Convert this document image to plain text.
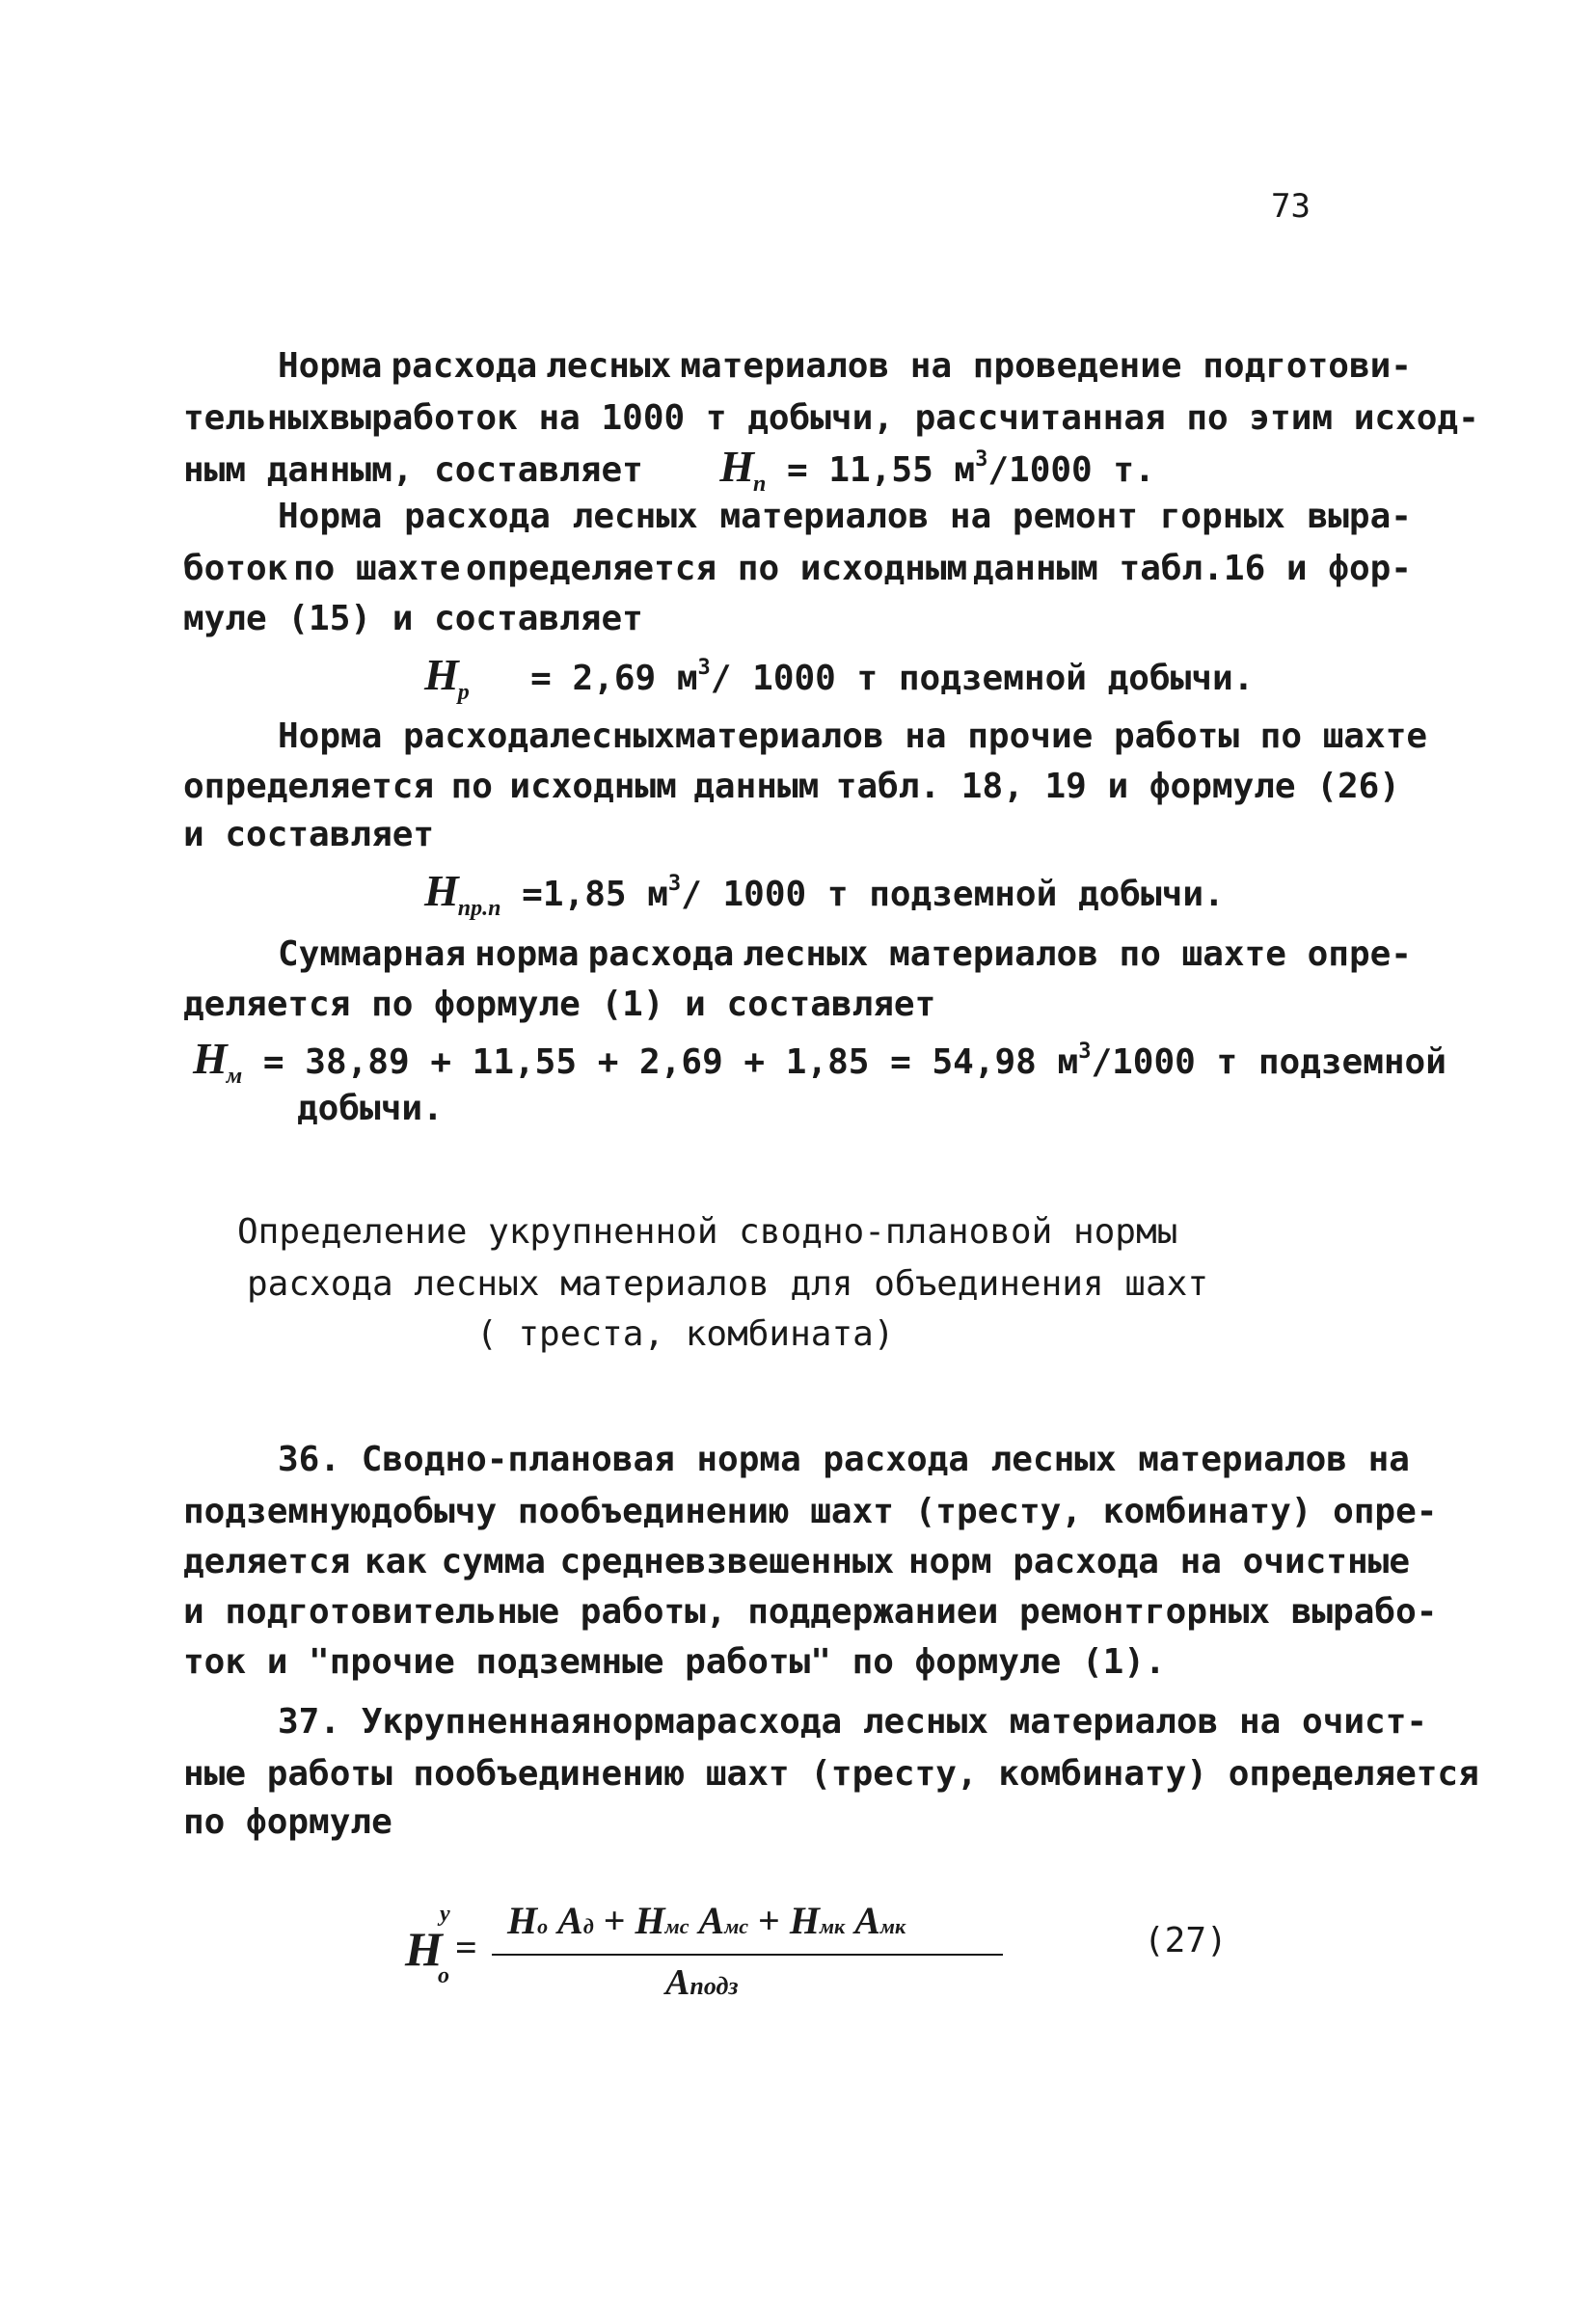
73
Норма расхода лесных материалов на проведение подготови-
тельных выработок на 1000 т добычи, рассчитанная по этим исход-
ным данным, составляет $Н_п = 11,55$ $м^3/1000$ т.
Норма расхода лесных материалов на ремонт горных выра-
боток по шахте определяется по исходным данным табл.16 и фор-
муле (15) и составляет
$Н_р = 2,69$ $м^3/$ 1000 т подземной добычи.
Норма расхода лесных материалов на прочие работы по шахте
определяется по исходным данным табл. 18, 19 и формуле (26)
и составляет
$Н_{пр.п} =1,85$ $м^3/$ 1000 т подземной добычи.
Суммарная норма расхода лесных материалов по шахте опре-
деляется по формуле (1) и составляет
$Н_м = 38,89 + 11,55 + 2,69 + 1,85 = 54,98$ $м^3/1000$ т подземной
добычи.
Определение укрупненной сводно-плановой нормы
расхода лесных материалов для объединения шахт
( треста, комбината)
36. Сводно-плановая норма расхода лесных материалов на
подземную добычу по объединению шахт (тресту, комбинату) опре-
деляется как сумма средневзвешенных норм расхода на очистные
и подготовительные работы, поддержание и ремонт горных вырабо-
ток и "прочие подземные работы" по формуле (1).
37. Укрупненная норма расхода лесных материалов на очист-
ные работы по объединению шахт (тресту, комбинату) определяется
по формуле
Н
у
о
=
Но Ад + Нмс Амс + Нмк Амк
Аподз
(27)
